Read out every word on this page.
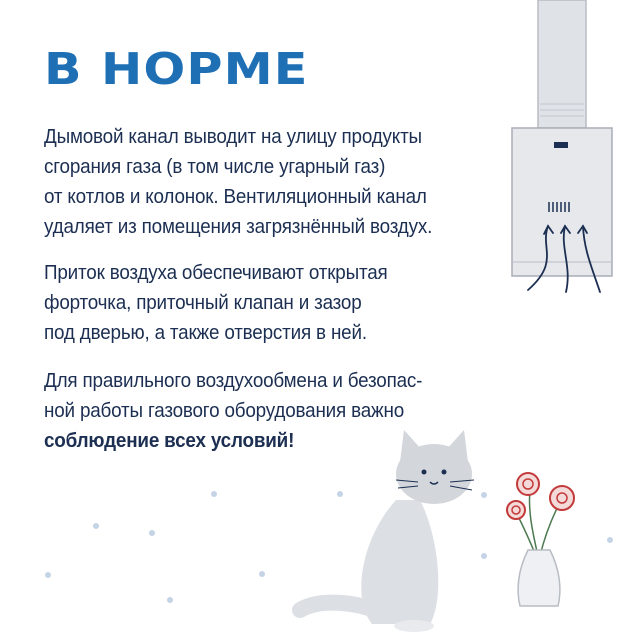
В НОРМЕ

Дымовой канал выводит на улицу продукты
сгорания газа (в том числе угарный газ)
от котлов и колонок. Вентиляционный канал
удаляет из помещения загрязнённый воздух.

Приток воздуха обеспечивают открытая
форточка, приточный клапан и зазор
под дверью, а также отверстия в ней.

Для правильного воздухообмена и безопас-
ной работы газового оборудования важно
соблюдение всех условий!
